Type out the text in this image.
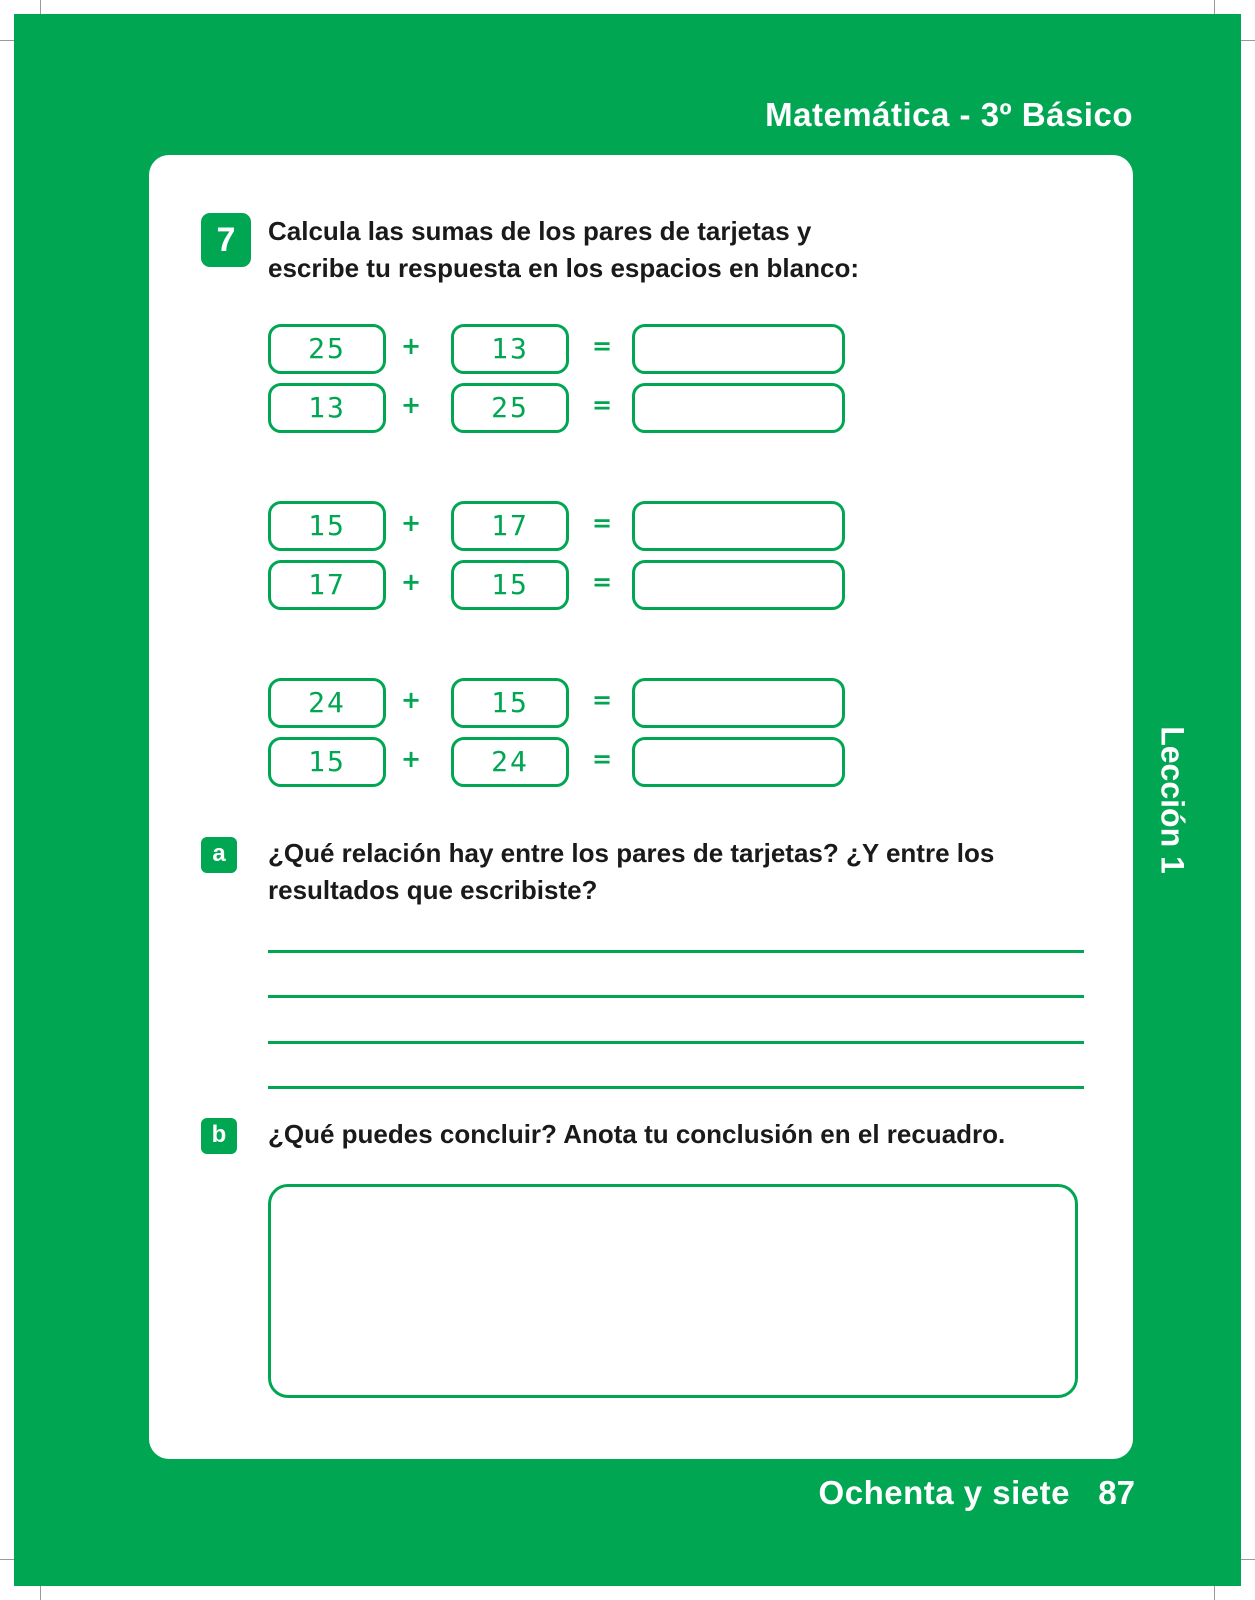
Matemática - 3º Básico
7	Calcula las sumas de los pares de tarjetas y
escribe tu respuesta en los espacios en blanco:
25	+	13	=
13	+	25	=
15	+	17	=
17	+	15	=
24	+	15	=
15	+	24	=
a	¿Qué relación hay entre los pares de tarjetas? ¿Y entre los
resultados que escribiste?
b	¿Qué puedes concluir? Anota tu conclusión en el recuadro.
Lección 1
Ochenta y siete 87
